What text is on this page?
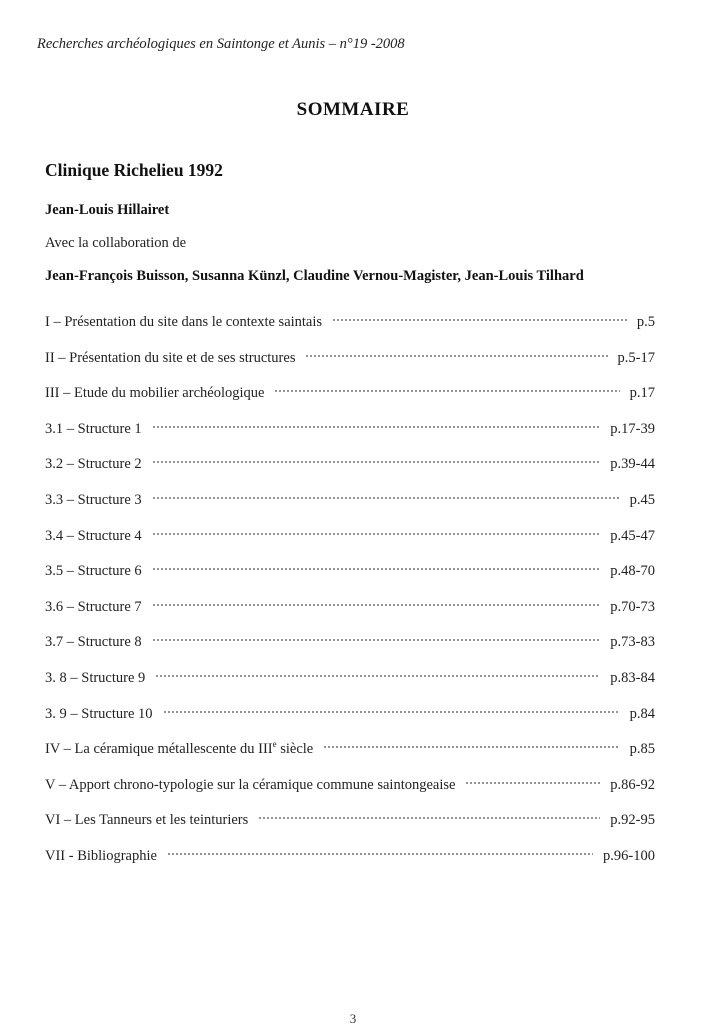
Recherches archéologiques en Saintonge et Aunis – n°19 -2008
SOMMAIRE
Clinique Richelieu 1992
Jean-Louis Hillairet
Avec la collaboration de
Jean-François Buisson, Susanna Künzl, Claudine Vernou-Magister, Jean-Louis Tilhard
I – Présentation du site dans le contexte saintais	p.5
II – Présentation du site et de ses structures	p.5-17
III – Etude du mobilier archéologique	p.17
3.1 – Structure 1	p.17-39
3.2 – Structure 2	p.39-44
3.3 – Structure 3	p.45
3.4 – Structure 4	p.45-47
3.5 – Structure 6	p.48-70
3.6 – Structure 7	p.70-73
3.7 – Structure 8	p.73-83
3. 8 – Structure 9	p.83-84
3. 9 – Structure 10	p.84
IV – La céramique métallescente du IIIe siècle	p.85
V – Apport chrono-typologie sur la céramique commune saintongeaise	p.86-92
VI – Les Tanneurs et les teinturiers	p.92-95
VII - Bibliographie	p.96-100
3
